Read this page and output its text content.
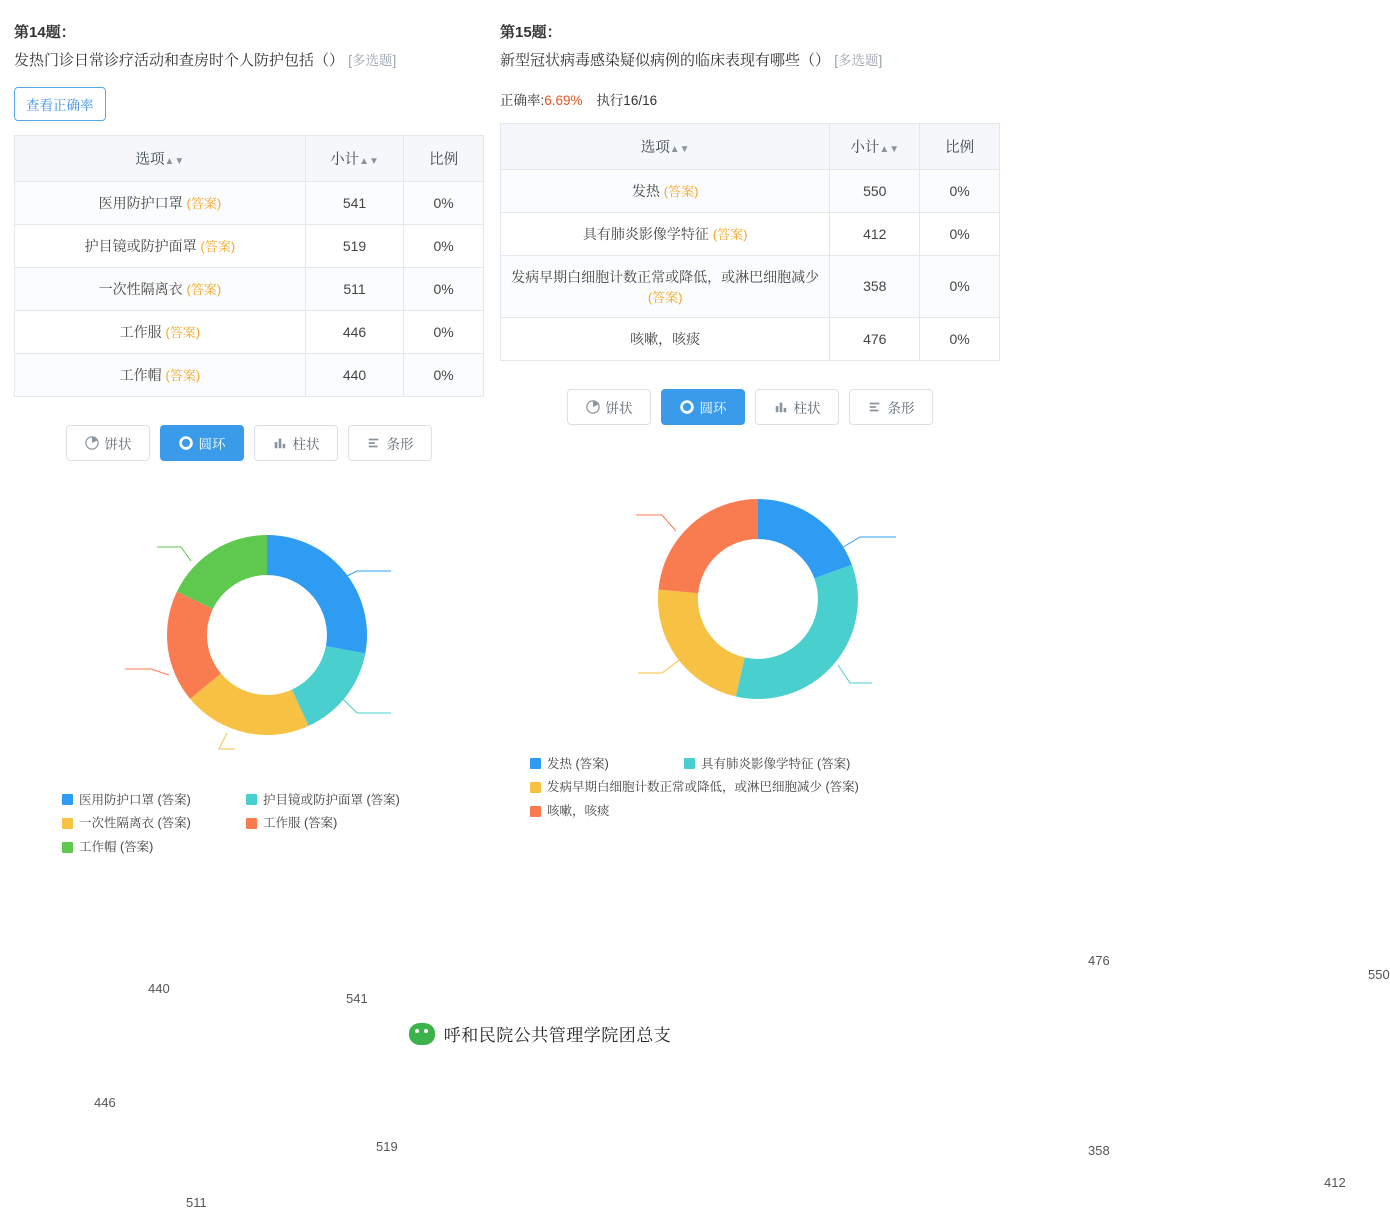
第14题：
发热门诊日常诊疗活动和查房时个人防护包括（） [多选题]
查看正确率
选项▲▼	小计▲▼	比例
医用防护口罩 (答案)	541	0%
护目镜或防护面罩 (答案)	519	0%
一次性隔离衣 (答案)	511	0%
工作服 (答案)	446	0%
工作帽 (答案)	440	0%
饼状	圆环	柱状	条形
541
519
511
446
440
医用防护口罩 (答案)	护目镜或防护面罩 (答案)
一次性隔离衣 (答案)	工作服 (答案)
工作帽 (答案)
第15题：
新型冠状病毒感染疑似病例的临床表现有哪些（） [多选题]
正确率:6.69% 执行16/16
选项▲▼	小计▲▼	比例
发热 (答案)	550	0%
具有肺炎影像学特征 (答案)	412	0%
发病早期白细胞计数正常或降低，或淋巴细胞减少 (答案)	358	0%
咳嗽，咳痰	476	0%
饼状	圆环	柱状	条形
550
412
358
476
发热 (答案)	具有肺炎影像学特征 (答案)
发病早期白细胞计数正常或降低，或淋巴细胞减少 (答案)
咳嗽，咳痰
呼和民院公共管理学院团总支
